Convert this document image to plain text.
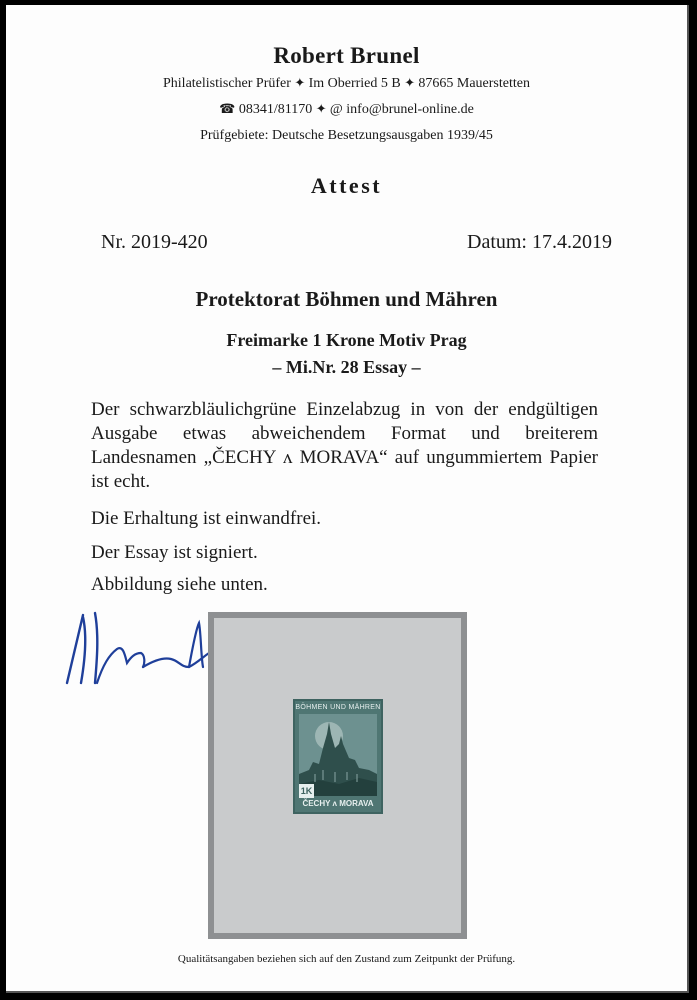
Robert Brunel
Philatelistischer Prüfer ✦ Im Oberried 5 B ✦ 87665 Mauerstetten
☎ 08341/81170 ✦ @ info@brunel-online.de
Prüfgebiete: Deutsche Besetzungsausgaben 1939/45
Attest
Nr. 2019-420	Datum: 17.4.2019
Protektorat Böhmen und Mähren
Freimarke 1 Krone Motiv Prag
– Mi.Nr. 28 Essay –
Der schwarzbläulichgrüne Einzelabzug in von der endgültigen Ausgabe etwas abweichendem Format und breiterem Landesnamen „ČECHY ʌ MORAVA“ auf ungummiertem Papier ist echt.
Die Erhaltung ist einwandfrei.
Der Essay ist signiert.
Abbildung siehe unten.
BÖHMEN UND MÄHREN
1K
ČECHY ʌ MORAVA
Qualitätsangaben beziehen sich auf den Zustand zum Zeitpunkt der Prüfung.
